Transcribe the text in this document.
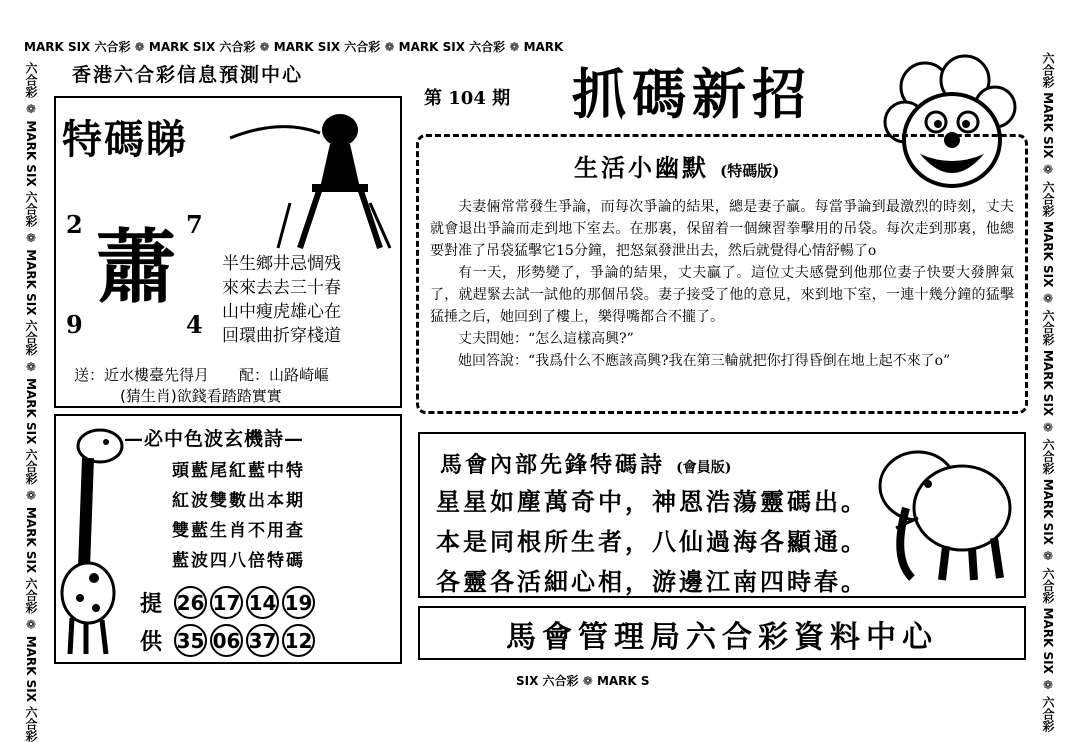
MARK SIX 六合彩 ❁ MARK SIX 六合彩 ❁ MARK SIX 六合彩 ❁ MARK SIX 六合彩 ❁ MARK
SIX 六合彩 ❁ MARK S
六合彩 ❁ MARK SIX 六合彩 ❁ MARK SIX 六合彩 ❁ MARK SIX 六合彩 ❁ MARK SIX 六合彩 ❁ MARK SIX 六合彩	六合彩 MARK SIX ❁ 六合彩 MARK SIX ❁ 六合彩 MARK SIX ❁ 六合彩 MARK SIX ❁ 六合彩 MARK SIX ❁ 六合彩
香港六合彩信息預測中心
第 104 期 抓碼新招
特碼睇
2	7
9	4
蕭	半生鄉井忌惆残
來來去去三十春
山中瘦虎雄心在
回環曲折穿棧道
送：近水樓臺先得月　　配：山路崎嶇
(猜生肖)欲錢看踏踏實實
—必中色波玄機詩—
頭藍尾紅藍中特
紅波雙數出本期
雙藍生肖不用查
藍波四八倍特碼
提 26 17 14 19
供 35 06 37 12
生活小幽默 (特碼版)

夫妻倆常常發生爭論，而每次爭論的結果，總是妻子贏。每當爭論到最激烈的時刻，丈夫就會退出爭論而走到地下室去。在那裏，保留着一個練習拳擊用的吊袋。每次走到那裏，他總要對准了吊袋猛擊它15分鐘，把怒氣發泄出去，然后就覺得心情舒暢了o

有一天，形勢變了，爭論的結果，丈夫贏了。這位丈夫感覺到他那位妻子快要大發脾氣了，就趕緊去試一試他的那個吊袋。妻子接受了他的意見，來到地下室，一連十幾分鐘的猛擊猛捶之后，她回到了樓上，樂得嘴都合不攏了。

丈夫問她：“怎么這樣高興?”

她回答說：“我爲什么不應該高興?我在第三輪就把你打得昏倒在地上起不來了o”

馬會內部先鋒特碼詩 (會員版)
星星如塵萬奇中，神恩浩蕩靈碼出。
本是同根所生者，八仙過海各顯通。
各靈各活細心相，游邊江南四時春。
馬會管理局六合彩資料中心
